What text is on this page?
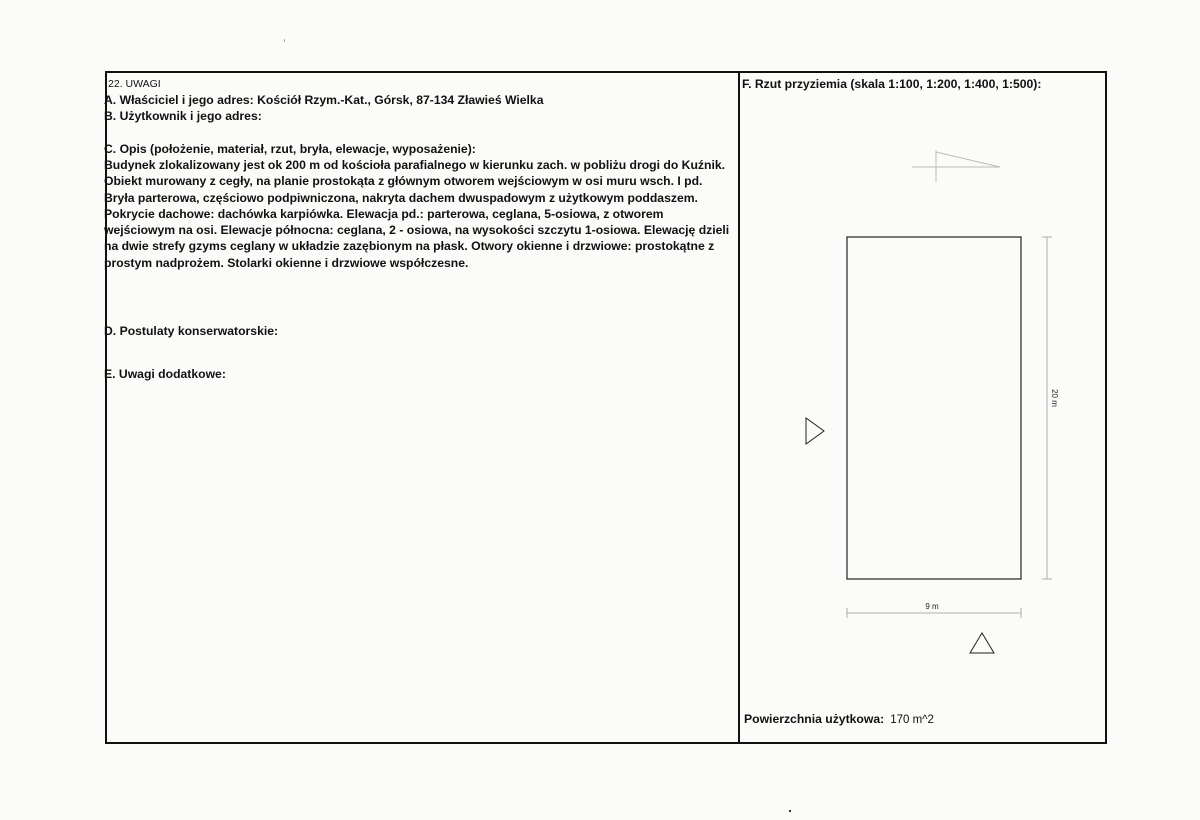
22. UWAGI

A. Właściciel i jego adres: Kościół Rzym.-Kat., Górsk, 87-134 Zławieś Wielka

B. Użytkownik i jego adres:

C. Opis (położenie, materiał, rzut, bryła, elewacje, wyposażenie):

Budynek zlokalizowany jest ok 200 m od kościoła parafialnego w kierunku zach. w pobliżu drogi do Kuźnik. Obiekt murowany z cegły, na planie prostokąta z głównym otworem wejściowym w osi muru wsch. I pd. Bryła parterowa, częściowo podpiwniczona, nakryta dachem dwuspadowym z użytkowym poddaszem. Pokrycie dachowe: dachówka karpiówka. Elewacja pd.: parterowa, ceglana, 5-osiowa, z otworem wejściowym na osi. Elewacje północna: ceglana, 2 - osiowa, na wysokości szczytu 1-osiowa. Elewację dzieli na dwie strefy gzyms ceglany w układzie zazębionym na płask. Otwory okienne i drzwiowe: prostokątne z prostym nadprożem. Stolarki okienne i drzwiowe współczesne.

D. Postulaty konserwatorskie:

E. Uwagi dodatkowe:

F. Rzut przyziemia (skala 1:100, 1:200, 1:400, 1:500):
20 m
9 m
Powierzchnia użytkowa: 170 m^2
